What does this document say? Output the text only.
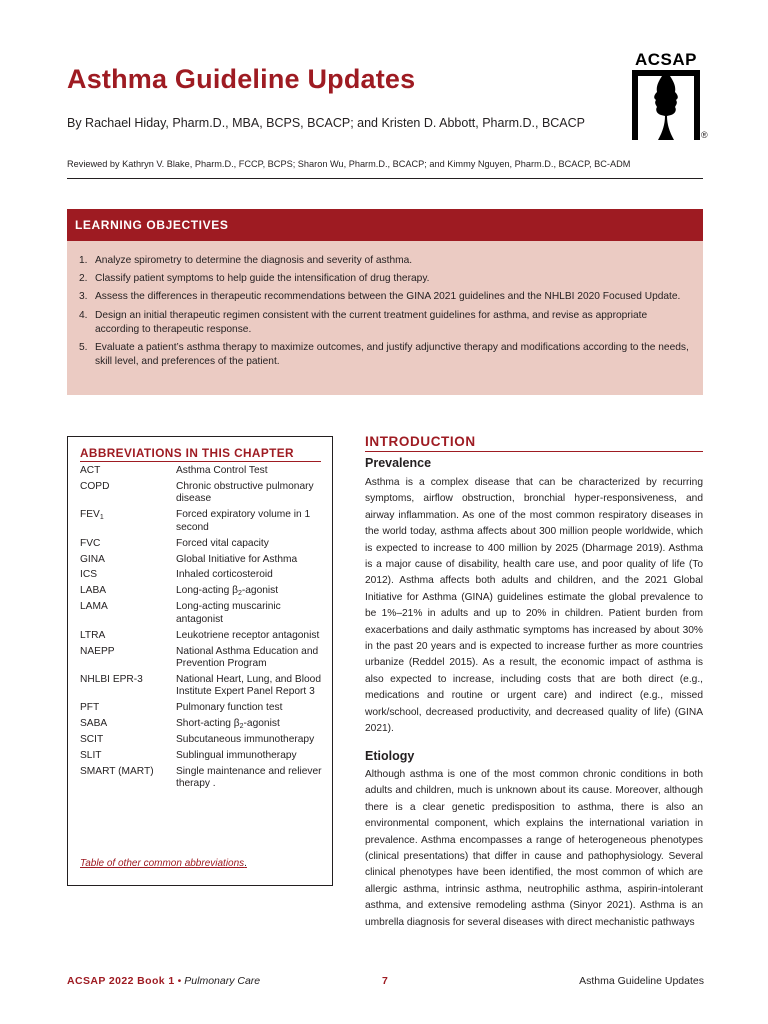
Asthma Guideline Updates
By Rachael Hiday, Pharm.D., MBA, BCPS, BCACP; and Kristen D. Abbott, Pharm.D., BCACP
Reviewed by Kathryn V. Blake, Pharm.D., FCCP, BCPS; Sharon Wu, Pharm.D., BCACP; and Kimmy Nguyen, Pharm.D., BCACP, BC-ADM
ACSAP
®
LEARNING OBJECTIVES
1. Analyze spirometry to determine the diagnosis and severity of asthma.
2. Classify patient symptoms to help guide the intensification of drug therapy.
3. Assess the differences in therapeutic recommendations between the GINA 2021 guidelines and the NHLBI 2020 Focused Update.
4. Design an initial therapeutic regimen consistent with the current treatment guidelines for asthma, and revise as appropriate according to therapeutic response.
5. Evaluate a patient’s asthma therapy to maximize outcomes, and justify adjunctive therapy and modifications according to the needs, skill level, and preferences of the patient.
ABBREVIATIONS IN THIS CHAPTER
ACT	Asthma Control Test
COPD	Chronic obstructive pulmonary disease
$FEV_1$	Forced expiratory volume in 1 second
FVC	Forced vital capacity
GINA	Global Initiative for Asthma
ICS	Inhaled corticosteroid
LABA	Long-acting $\beta_2$-agonist
LAMA	Long-acting muscarinic antagonist
LTRA	Leukotriene receptor antagonist
NAEPP	National Asthma Education and Prevention Program
NHLBI EPR-3	National Heart, Lung, and Blood Institute Expert Panel Report 3
PFT	Pulmonary function test
SABA	Short-acting $\beta_2$-agonist
SCIT	Subcutaneous immunotherapy
SLIT	Sublingual immunotherapy
SMART (MART)	Single maintenance and reliever therapy .
Table of other common abbreviations.
INTRODUCTION
Prevalence

Asthma is a complex disease that can be characterized by recurring symptoms, airflow obstruction, bronchial hyper-responsiveness, and airway inflammation. As one of the most common respiratory diseases in the world today, asthma affects about 300 million people worldwide, which is expected to increase to 400 million by 2025 (Dharmage 2019). Asthma is a major cause of disability, health care use, and poor quality of life (To 2012). Asthma affects both adults and children, and the 2021 Global Initiative for Asthma (GINA) guidelines estimate the global prevalence to be 1%–21% in adults and up to 20% in children. Patient burden from exacerbations and daily asthmatic symptoms has increased by about 30% in the past 20 years and is expected to increase further as more countries urbanize (Reddel 2015). As a result, the economic impact of asthma is also expected to increase, including costs that are both direct (e.g., medications and routine or urgent care) and indirect (e.g., missed work/school, decreased productivity, and decreased quality of life) (GINA 2021).

Etiology

Although asthma is one of the most common chronic conditions in both adults and children, much is unknown about its cause. Moreover, although there is a clear genetic predisposition to asthma, there is also an environmental component, which explains the international variation in prevalence. Asthma encompasses a range of heterogeneous phenotypes (clinical presentations) that differ in cause and pathophysiology. Several clinical phenotypes have been identified, the most common of which are allergic asthma, intrinsic asthma, neutrophilic asthma, aspirin-intolerant asthma, and extensive remodeling asthma (Sinyor 2021). Asthma is an umbrella diagnosis for several diseases with direct mechanistic pathways

ACSAP 2022 Book 1 • Pulmonary Care	7	Asthma Guideline Updates
